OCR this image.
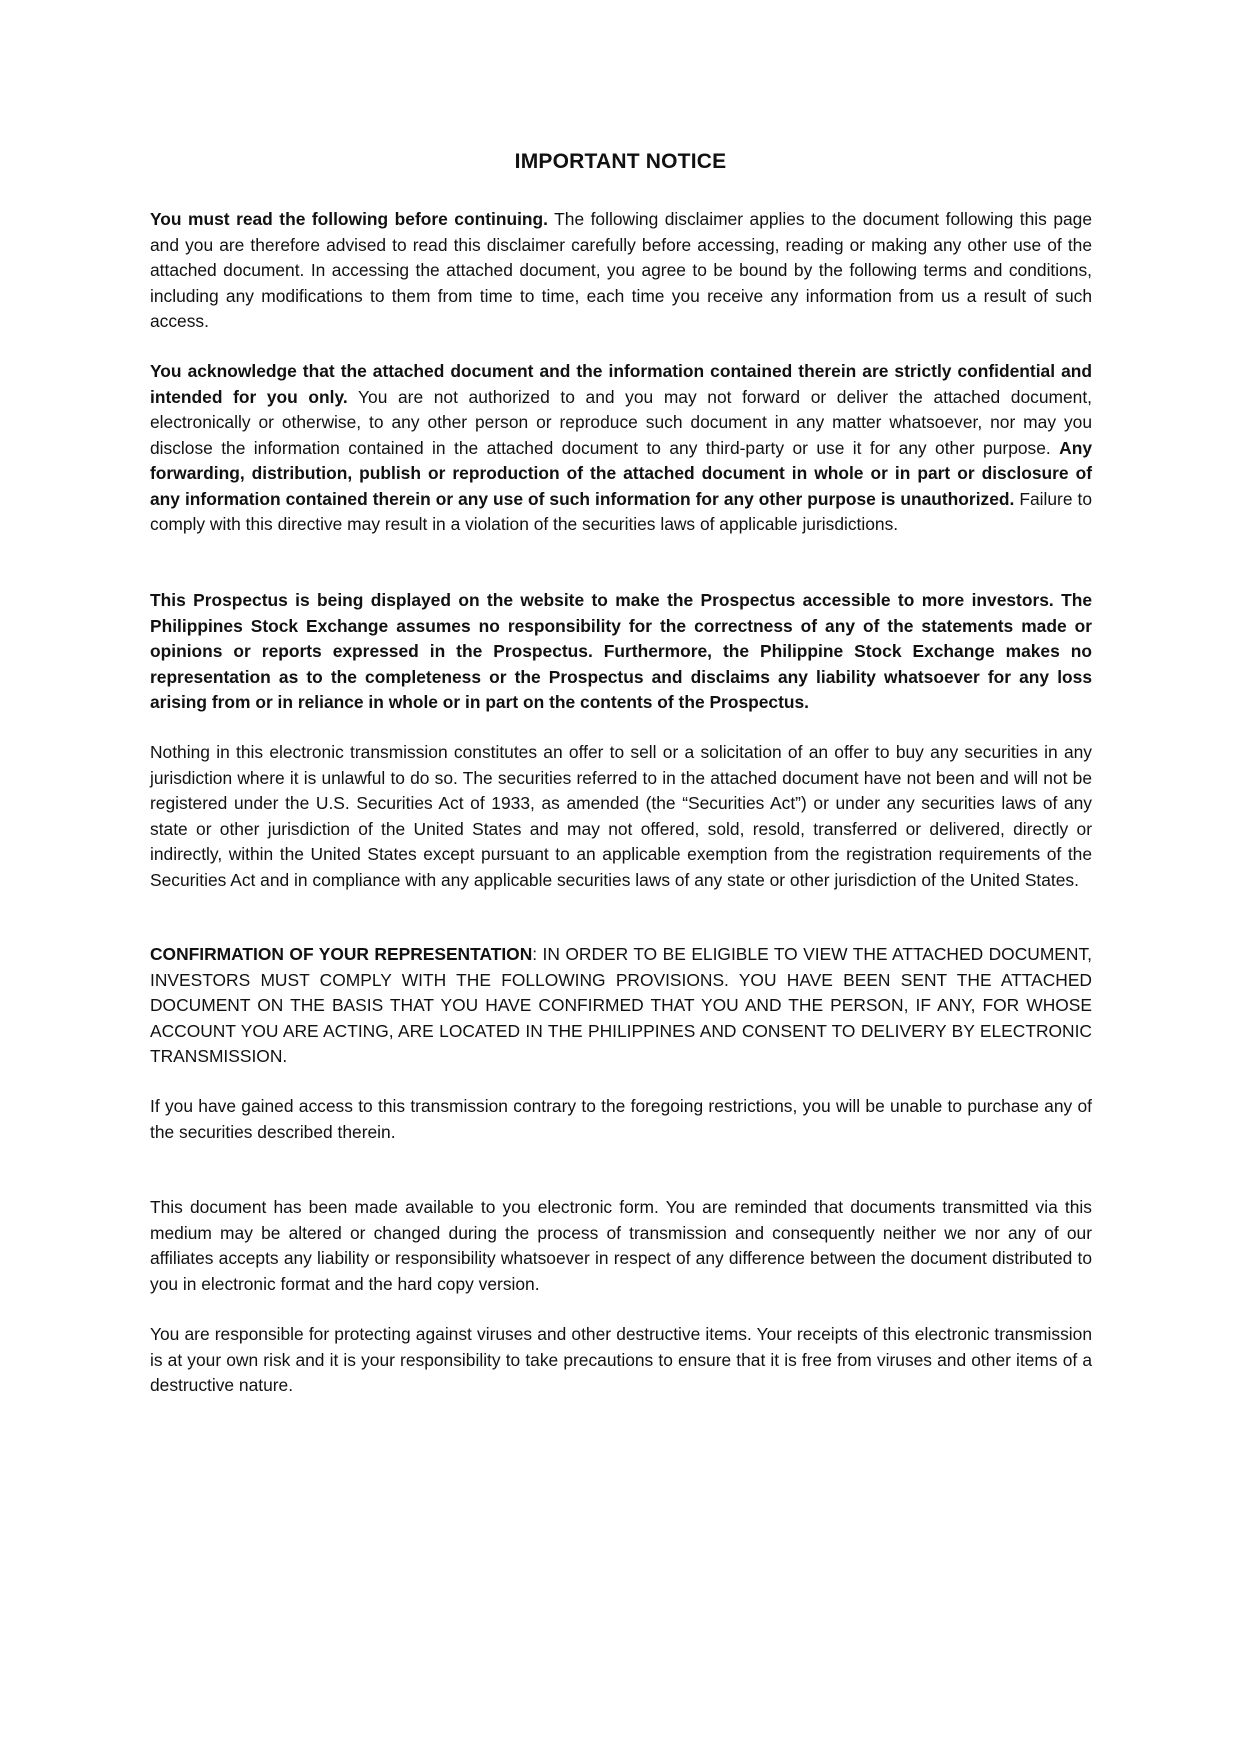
IMPORTANT NOTICE

You must read the following before continuing. The following disclaimer applies to the document following this page and you are therefore advised to read this disclaimer carefully before accessing, reading or making any other use of the attached document. In accessing the attached document, you agree to be bound by the following terms and conditions, including any modifications to them from time to time, each time you receive any information from us a result of such access.

You acknowledge that the attached document and the information contained therein are strictly confidential and intended for you only. You are not authorized to and you may not forward or deliver the attached document, electronically or otherwise, to any other person or reproduce such document in any matter whatsoever, nor may you disclose the information contained in the attached document to any third-party or use it for any other purpose. Any forwarding, distribution, publish or reproduction of the attached document in whole or in part or disclosure of any information contained therein or any use of such information for any other purpose is unauthorized. Failure to comply with this directive may result in a violation of the securities laws of applicable jurisdictions.

This Prospectus is being displayed on the website to make the Prospectus accessible to more investors. The Philippines Stock Exchange assumes no responsibility for the correctness of any of the statements made or opinions or reports expressed in the Prospectus. Furthermore, the Philippine Stock Exchange makes no representation as to the completeness or the Prospectus and disclaims any liability whatsoever for any loss arising from or in reliance in whole or in part on the contents of the Prospectus.

Nothing in this electronic transmission constitutes an offer to sell or a solicitation of an offer to buy any securities in any jurisdiction where it is unlawful to do so. The securities referred to in the attached document have not been and will not be registered under the U.S. Securities Act of 1933, as amended (the “Securities Act”) or under any securities laws of any state or other jurisdiction of the United States and may not offered, sold, resold, transferred or delivered, directly or indirectly, within the United States except pursuant to an applicable exemption from the registration requirements of the Securities Act and in compliance with any applicable securities laws of any state or other jurisdiction of the United States.

CONFIRMATION OF YOUR REPRESENTATION: IN ORDER TO BE ELIGIBLE TO VIEW THE ATTACHED DOCUMENT, INVESTORS MUST COMPLY WITH THE FOLLOWING PROVISIONS. YOU HAVE BEEN SENT THE ATTACHED DOCUMENT ON THE BASIS THAT YOU HAVE CONFIRMED THAT YOU AND THE PERSON, IF ANY, FOR WHOSE ACCOUNT YOU ARE ACTING, ARE LOCATED IN THE PHILIPPINES AND CONSENT TO DELIVERY BY ELECTRONIC TRANSMISSION.

If you have gained access to this transmission contrary to the foregoing restrictions, you will be unable to purchase any of the securities described therein.

This document has been made available to you electronic form. You are reminded that documents transmitted via this medium may be altered or changed during the process of transmission and consequently neither we nor any of our affiliates accepts any liability or responsibility whatsoever in respect of any difference between the document distributed to you in electronic format and the hard copy version.

You are responsible for protecting against viruses and other destructive items. Your receipts of this electronic transmission is at your own risk and it is your responsibility to take precautions to ensure that it is free from viruses and other items of a destructive nature.
